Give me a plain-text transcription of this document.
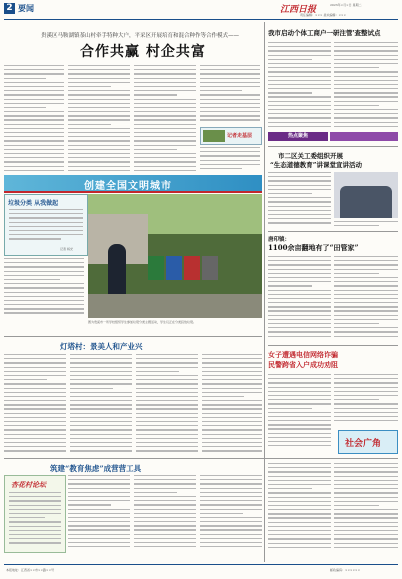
2 要闻	江西日报	2023年×月×日 星期二
责任编辑：××× 美术编辑：×××
贵溪区马鞍湖镇茶山村牵手特种大户，平采区开展培育和混合种作等合作模式——
合作共赢 村企共富
记者走基层
我市启动个体工商户一研注管'查整试点
热点聚焦
创建全国文明城市
垃圾分类 从我做起
记者 杨光
图为贵溪市一所学校组织学生参加垃圾分类主题活动，学生们正在分类投放垃圾。
灯塔村：景美人和产业兴
市二区关工委组织开展
“生态道德教育”讲课堂宣讲活动
唐印镇：
1100余亩翻地有了“田管家”
女子遭遇电信网络诈骗
民警跨省入户成功劝阻
社会广角
筑建“教育焦虑”成营营工具
杏花村论坛
本报地址：江西省××市××路××号	邮政编码：××××××
